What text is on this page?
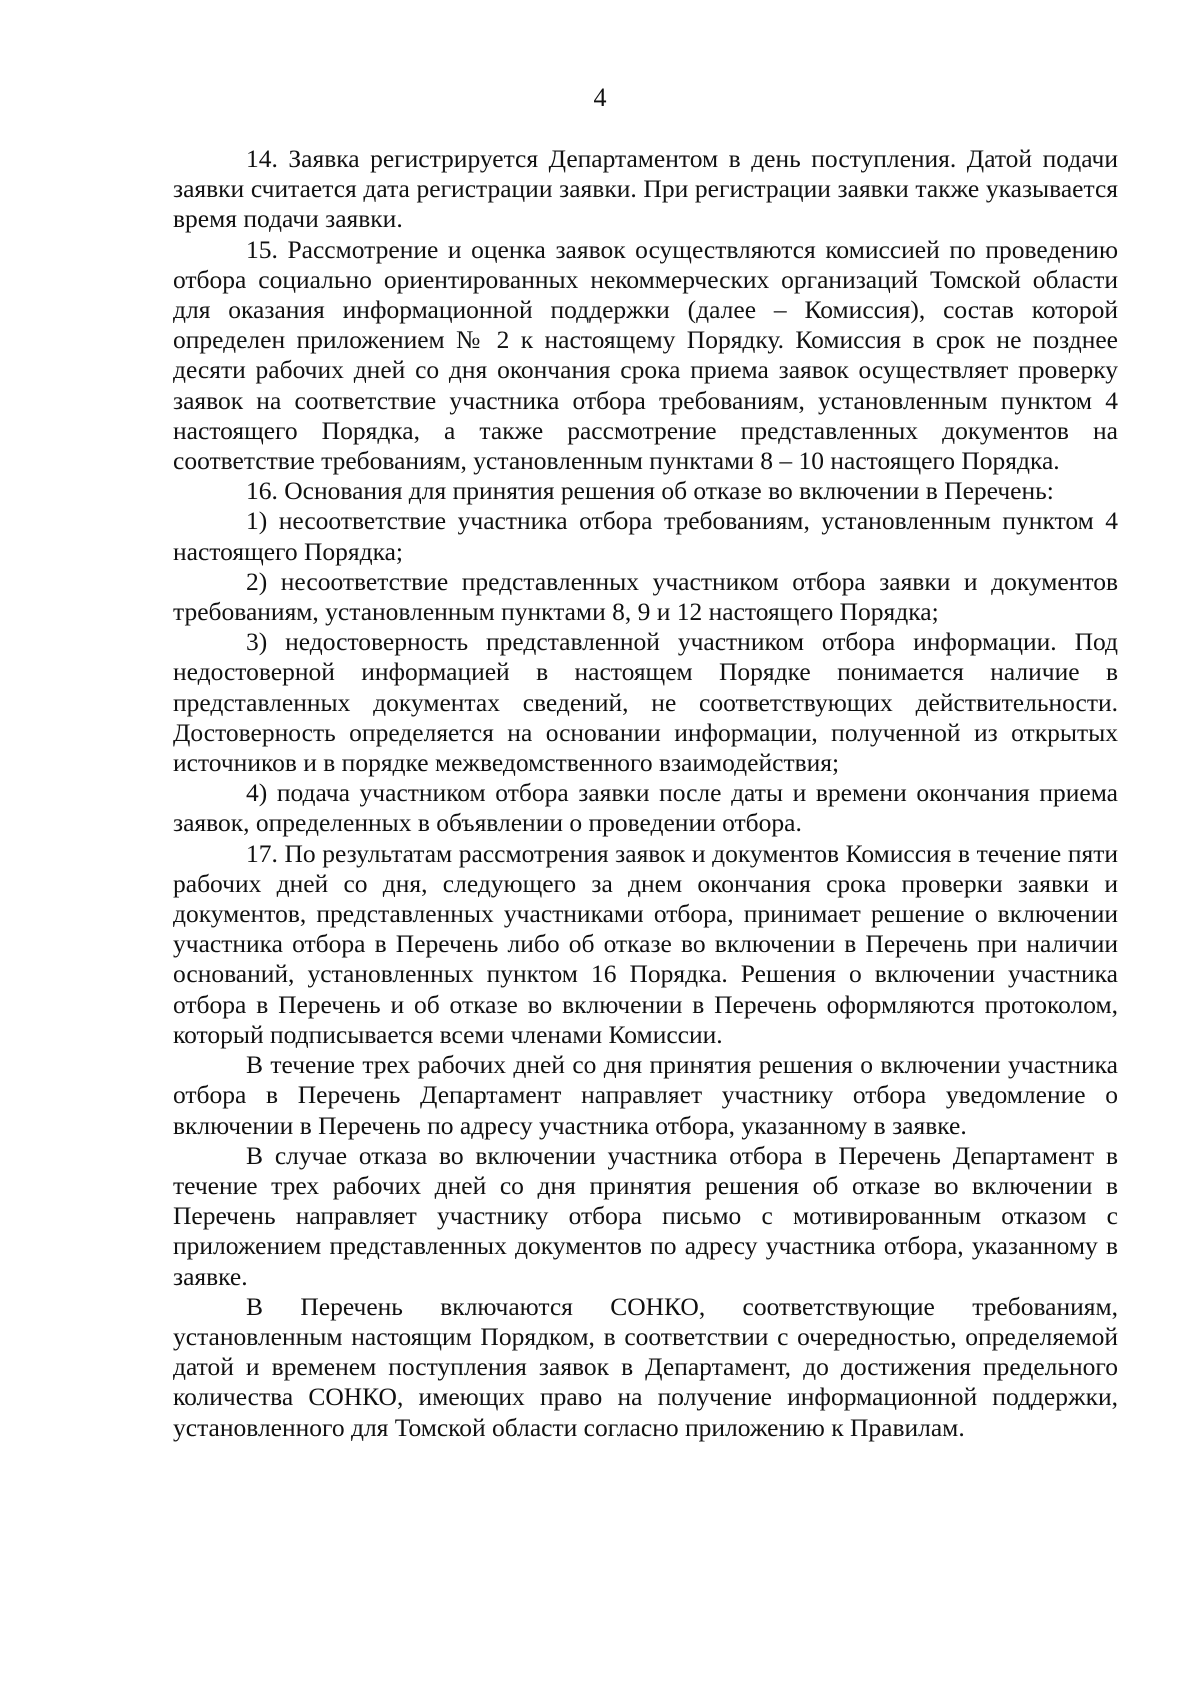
4

14. Заявка регистрируется Департаментом в день поступления. Датой подачи заявки считается дата регистрации заявки. При регистрации заявки также указывается время подачи заявки.

15. Рассмотрение и оценка заявок осуществляются комиссией по проведению отбора социально ориентированных некоммерческих организаций Томской области для оказания информационной поддержки (далее – Комиссия), состав которой определен приложением № 2 к настоящему Порядку. Комиссия в срок не позднее десяти рабочих дней со дня окончания срока приема заявок осуществляет проверку заявок на соответствие участника отбора требованиям, установленным пунктом 4 настоящего Порядка, а также рассмотрение представленных документов на соответствие требованиям, установленным пунктами 8 – 10 настоящего Порядка.

16. Основания для принятия решения об отказе во включении в Перечень:

1) несоответствие участника отбора требованиям, установленным пунктом 4 настоящего Порядка;

2) несоответствие представленных участником отбора заявки и документов требованиям, установленным пунктами 8, 9 и 12 настоящего Порядка;

3) недостоверность представленной участником отбора информации. Под недостоверной информацией в настоящем Порядке понимается наличие в представленных документах сведений, не соответствующих действительности. Достоверность определяется на основании информации, полученной из открытых источников и в порядке межведомственного взаимодействия;

4) подача участником отбора заявки после даты и времени окончания приема заявок, определенных в объявлении о проведении отбора.

17. По результатам рассмотрения заявок и документов Комиссия в течение пяти рабочих дней со дня, следующего за днем окончания срока проверки заявки и документов, представленных участниками отбора, принимает решение о включении участника отбора в Перечень либо об отказе во включении в Перечень при наличии оснований, установленных пунктом 16 Порядка. Решения о включении участника отбора в Перечень и об отказе во включении в Перечень оформляются протоколом, который подписывается всеми членами Комиссии.

В течение трех рабочих дней со дня принятия решения о включении участника отбора в Перечень Департамент направляет участнику отбора уведомление о включении в Перечень по адресу участника отбора, указанному в заявке.

В случае отказа во включении участника отбора в Перечень Департамент в течение трех рабочих дней со дня принятия решения об отказе во включении в Перечень направляет участнику отбора письмо с мотивированным отказом с приложением представленных документов по адресу участника отбора, указанному в заявке.

В Перечень включаются СОНКО, соответствующие требованиям, установленным настоящим Порядком, в соответствии с очередностью, определяемой датой и временем поступления заявок в Департамент, до достижения предельного количества СОНКО, имеющих право на получение информационной поддержки, установленного для Томской области согласно приложению к Правилам.
